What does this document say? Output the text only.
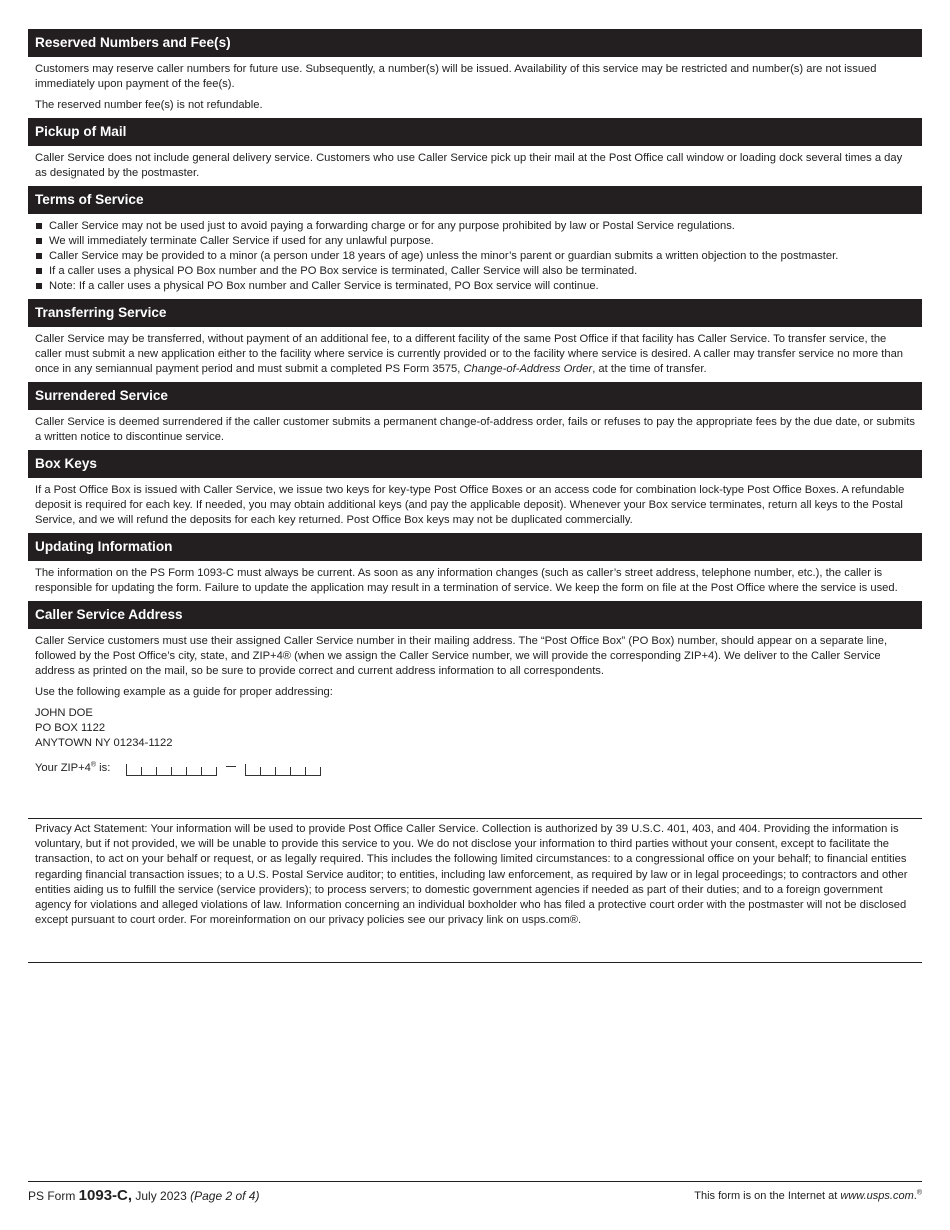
Reserved Numbers and Fee(s)

Customers may reserve caller numbers for future use. Subsequently, a number(s) will be issued. Availability of this service may be restricted and number(s) are not issued immediately upon payment of the fee(s).

The reserved number fee(s) is not refundable.

Pickup of Mail

Caller Service does not include general delivery service. Customers who use Caller Service pick up their mail at the Post Office call window or loading dock several times a day as designated by the postmaster.

Terms of Service
Caller Service may not be used just to avoid paying a forwarding charge or for any purpose prohibited by law or Postal Service regulations.
We will immediately terminate Caller Service if used for any unlawful purpose.
Caller Service may be provided to a minor (a person under 18 years of age) unless the minor’s parent or guardian submits a written objection to the postmaster.
If a caller uses a physical PO Box number and the PO Box service is terminated, Caller Service will also be terminated.
Note: If a caller uses a physical PO Box number and Caller Service is terminated, PO Box service will continue.
Transferring Service

Caller Service may be transferred, without payment of an additional fee, to a different facility of the same Post Office if that facility has Caller Service. To transfer service, the caller must submit a new application either to the facility where service is currently provided or to the facility where service is desired. A caller may transfer service no more than once in any semiannual payment period and must submit a completed PS Form 3575, Change-of-Address Order, at the time of transfer.

Surrendered Service

Caller Service is deemed surrendered if the caller customer submits a permanent change-of-address order, fails or refuses to pay the appropriate fees by the due date, or submits a written notice to discontinue service.

Box Keys

If a Post Office Box is issued with Caller Service, we issue two keys for key-type Post Office Boxes or an access code for combination lock-type Post Office Boxes. A refundable deposit is required for each key. If needed, you may obtain additional keys (and pay the applicable deposit). Whenever your Box service terminates, return all keys to the Postal Service, and we will refund the deposits for each key returned. Post Office Box keys may not be duplicated commercially.

Updating Information

The information on the PS Form 1093-C must always be current. As soon as any information changes (such as caller’s street address, telephone number, etc.), the caller is responsible for updating the form. Failure to update the application may result in a termination of service. We keep the form on file at the Post Office where the service is used.

Caller Service Address

Caller Service customers must use their assigned Caller Service number in their mailing address. The “Post Office Box” (PO Box) number, should appear on a separate line, followed by the Post Office’s city, state, and ZIP+4® (when we assign the Caller Service number, we will provide the corresponding ZIP+4). We deliver to the Caller Service address as printed on the mail, so be sure to provide correct and current address information to all correspondents.

Use the following example as a guide for proper addressing:

JOHN DOE
PO BOX 1122
ANYTOWN NY 01234-1122
Your ZIP+4® is:
Privacy Act Statement: Your information will be used to provide Post Office Caller Service. Collection is authorized by 39 U.S.C. 401, 403, and 404. Providing the information is voluntary, but if not provided, we will be unable to provide this service to you. We do not disclose your information to third parties without your consent, except to facilitate the transaction, to act on your behalf or request, or as legally required. This includes the following limited circumstances: to a congressional office on your behalf; to financial entities regarding financial transaction issues; to a U.S. Postal Service auditor; to entities, including law enforcement, as required by law or in legal proceedings; to contractors and other entities aiding us to fulfill the service (service providers); to process servers; to domestic government agencies if needed as part of their duties; and to a foreign government agency for violations and alleged violations of law. Information concerning an individual boxholder who has filed a protective court order with the postmaster will not be disclosed except pursuant to court order. For moreinformation on our privacy policies see our privacy link on usps.com®.
PS Form 1093-C, July 2023 (Page 2 of 4)	This form is on the Internet at www.usps.com.®
